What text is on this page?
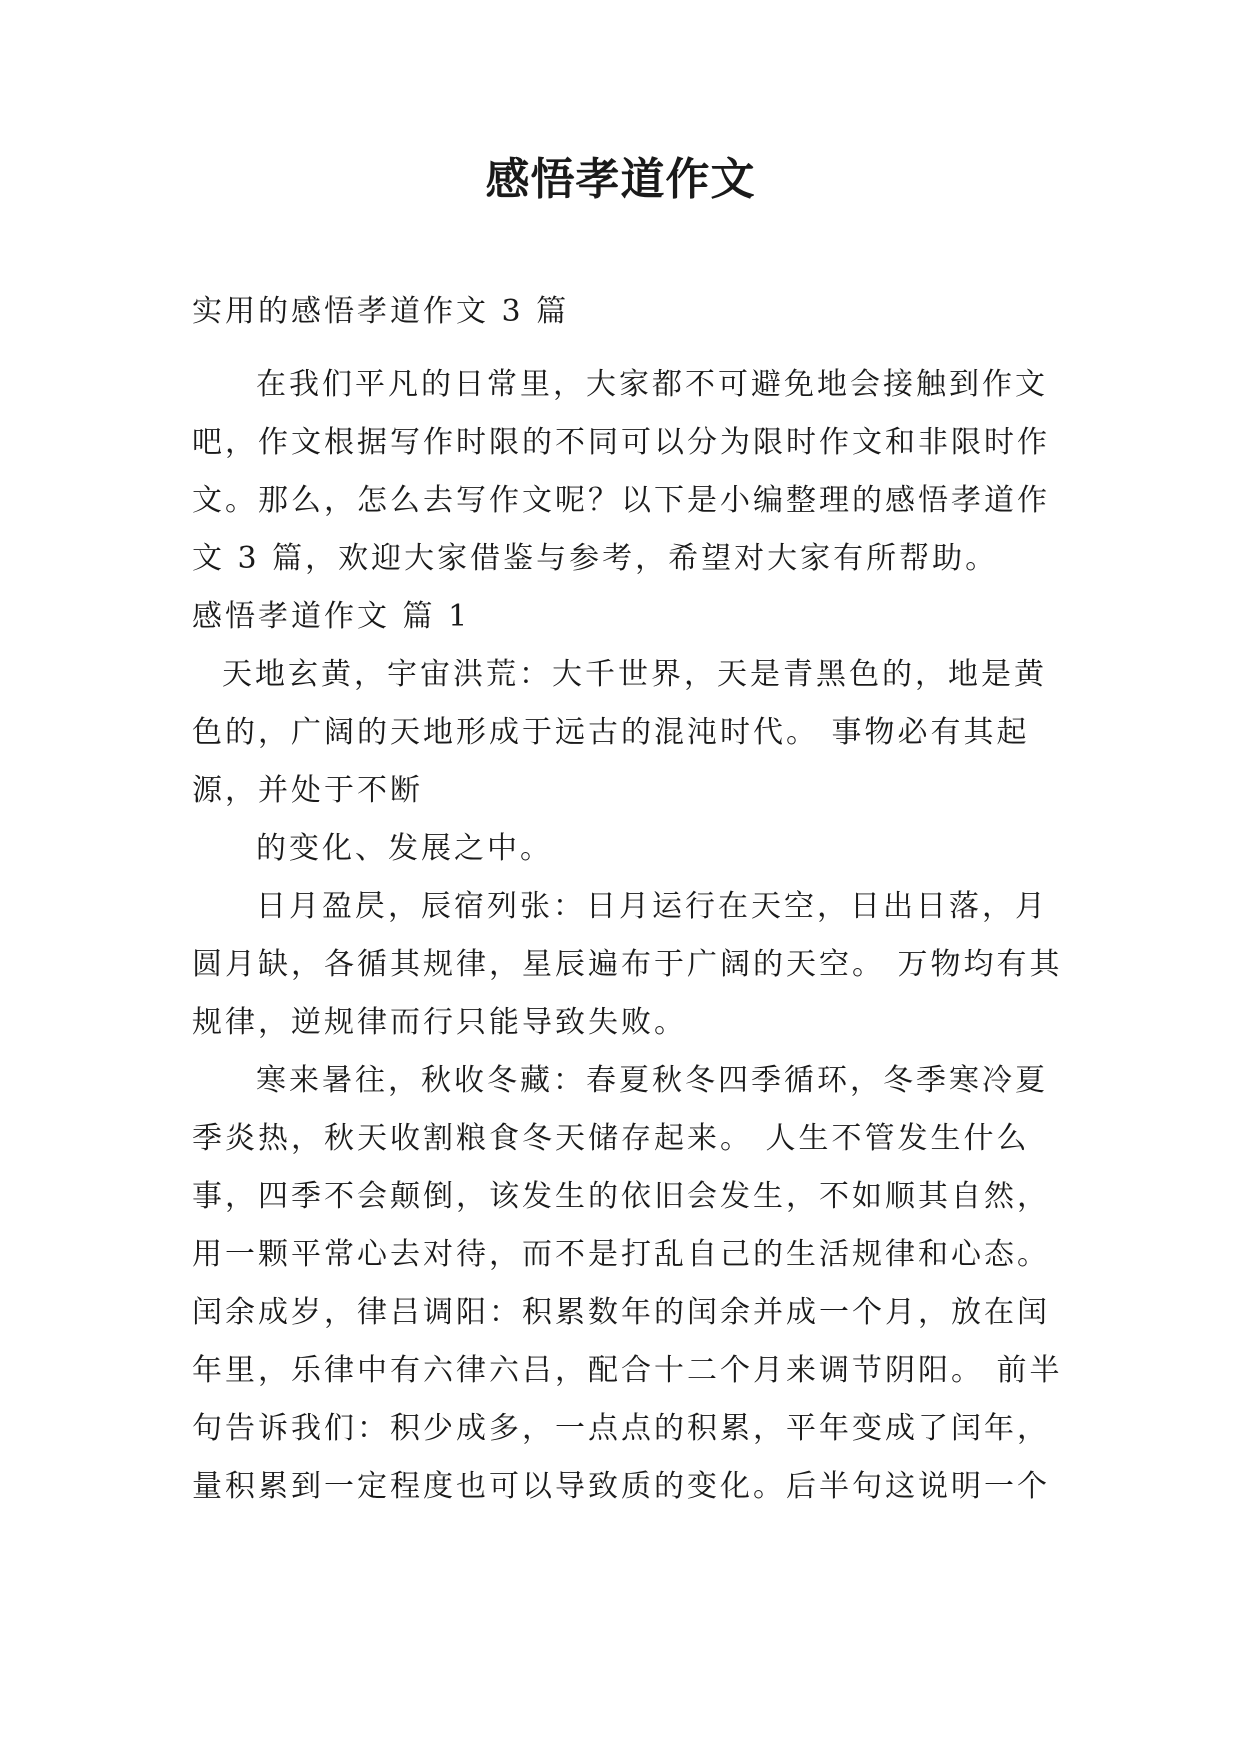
感悟孝道作文
实用的感悟孝道作文 3 篇

在我们平凡的日常里，大家都不可避免地会接触到作文吧，作文根据写作时限的不同可以分为限时作文和非限时作文。那么，怎么去写作文呢？以下是小编整理的感悟孝道作文 3 篇，欢迎大家借鉴与参考，希望对大家有所帮助。

感悟孝道作文 篇 1

天地玄黄，宇宙洪荒：大千世界，天是青黑色的，地是黄色的，广阔的天地形成于远古的混沌时代。 事物必有其起源，并处于不断

的变化、发展之中。

日月盈昃，辰宿列张：日月运行在天空，日出日落，月圆月缺，各循其规律，星辰遍布于广阔的天空。 万物均有其规律，逆规律而行只能导致失败。

寒来暑往，秋收冬藏：春夏秋冬四季循环，冬季寒冷夏季炎热，秋天收割粮食冬天储存起来。 人生不管发生什么事，四季不会颠倒，该发生的依旧会发生，不如顺其自然，用一颗平常心去对待，而不是打乱自己的生活规律和心态。

闰余成岁，律吕调阳：积累数年的闰余并成一个月，放在闰年里，乐律中有六律六吕，配合十二个月来调节阴阳。 前半句告诉我们：积少成多，一点点的积累，平年变成了闰年，量积累到一定程度也可以导致质的变化。后半句这说明一个
